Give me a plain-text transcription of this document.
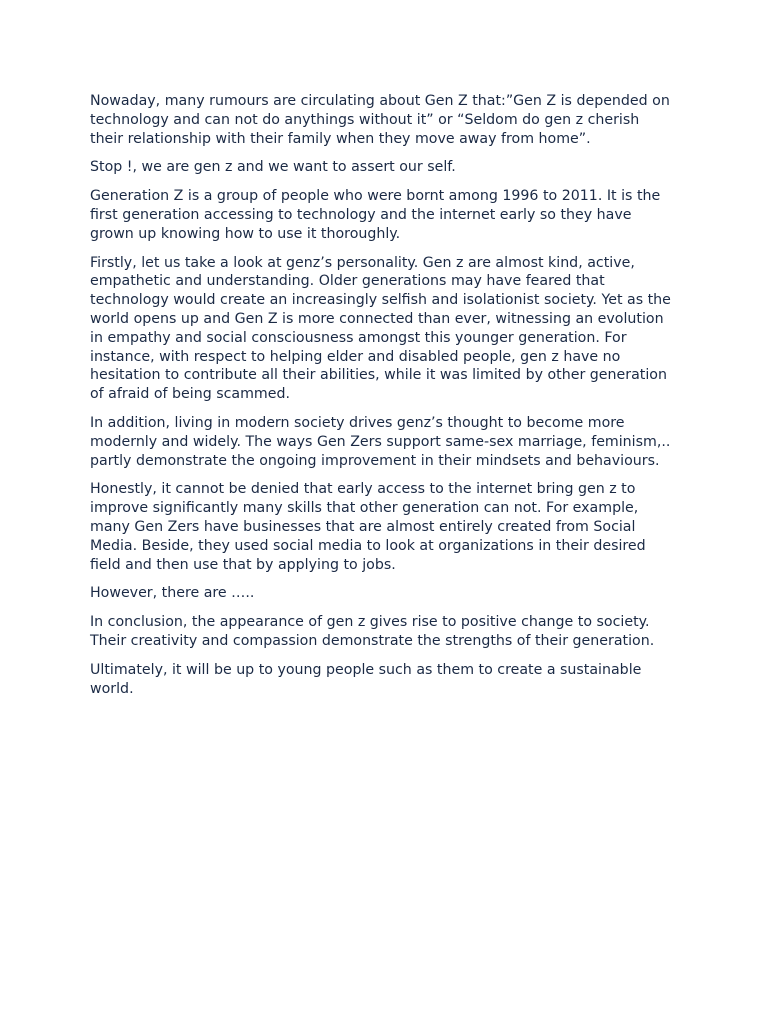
Nowaday, many rumours are circulating about Gen Z that:”Gen Z is depended on technology and can not do anythings without it” or “Seldom do gen z cherish their relationship with their family when they move away from home”.

Stop !, we are gen z and we want to assert our self.

Generation Z is a group of people who were bornt among 1996 to 2011. It is the first generation accessing to technology and the internet early so they have grown up knowing how to use it thoroughly.

Firstly, let us take a look at genz’s personality. Gen z are almost kind, active, empathetic and understanding. Older generations may have feared that technology would create an increasingly selfish and isolationist society. Yet as the world opens up and Gen Z is more connected than ever, witnessing an evolution in empathy and social consciousness amongst this younger generation. For instance, with respect to helping elder and disabled people, gen z have no hesitation to contribute all their abilities, while it was limited by other generation of afraid of being scammed.

In addition, living in modern society drives genz’s thought to become more modernly and widely. The ways Gen Zers support same-sex marriage, feminism,.. partly demonstrate the ongoing improvement in their mindsets and behaviours.

Honestly, it cannot be denied that early access to the internet bring gen z to improve significantly many skills that other generation can not. For example, many Gen Zers have businesses that are almost entirely created from Social Media. Beside, they used social media to look at organizations in their desired field and then use that by applying to jobs.

However, there are …..

In conclusion, the appearance of gen z gives rise to positive change to society. Their creativity and compassion demonstrate the strengths of their generation.

Ultimately, it will be up to young people such as them to create a sustainable world.
